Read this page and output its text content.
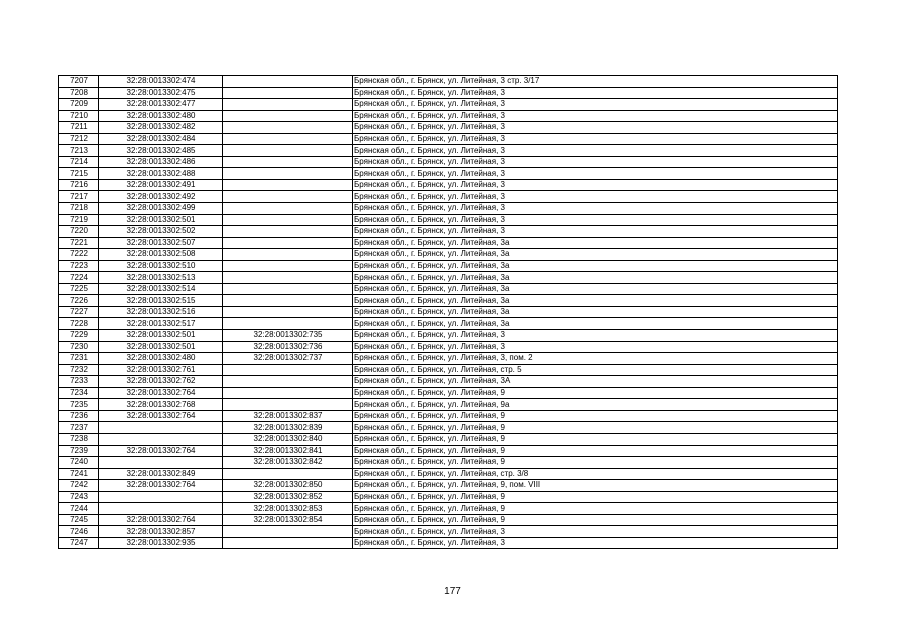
7207	32:28:0013302:474		Брянская обл., г. Брянск, ул. Литейная, 3 стр. 3/17
7208	32:28:0013302:475		Брянская обл., г. Брянск, ул. Литейная, 3
7209	32:28:0013302:477		Брянская обл., г. Брянск, ул. Литейная, 3
7210	32:28:0013302:480		Брянская обл., г. Брянск, ул. Литейная, 3
7211	32:28:0013302:482		Брянская обл., г. Брянск, ул. Литейная, 3
7212	32:28:0013302:484		Брянская обл., г. Брянск, ул. Литейная, 3
7213	32:28:0013302:485		Брянская обл., г. Брянск, ул. Литейная, 3
7214	32:28:0013302:486		Брянская обл., г. Брянск, ул. Литейная, 3
7215	32:28:0013302:488		Брянская обл., г. Брянск, ул. Литейная, 3
7216	32:28:0013302:491		Брянская обл., г. Брянск, ул. Литейная, 3
7217	32:28:0013302:492		Брянская обл., г. Брянск, ул. Литейная, 3
7218	32:28:0013302:499		Брянская обл., г. Брянск, ул. Литейная, 3
7219	32:28:0013302:501		Брянская обл., г. Брянск, ул. Литейная, 3
7220	32:28:0013302:502		Брянская обл., г. Брянск, ул. Литейная, 3
7221	32:28:0013302:507		Брянская обл., г. Брянск, ул. Литейная, 3а
7222	32:28:0013302:508		Брянская обл., г. Брянск, ул. Литейная, 3а
7223	32:28:0013302:510		Брянская обл., г. Брянск, ул. Литейная, 3а
7224	32:28:0013302:513		Брянская обл., г. Брянск, ул. Литейная, 3а
7225	32:28:0013302:514		Брянская обл., г. Брянск, ул. Литейная, 3а
7226	32:28:0013302:515		Брянская обл., г. Брянск, ул. Литейная, 3а
7227	32:28:0013302:516		Брянская обл., г. Брянск, ул. Литейная, 3а
7228	32:28:0013302:517		Брянская обл., г. Брянск, ул. Литейная, 3а
7229	32:28:0013302:501	32:28:0013302:735	Брянская обл., г. Брянск, ул. Литейная, 3
7230	32:28:0013302:501	32:28:0013302:736	Брянская обл., г. Брянск, ул. Литейная, 3
7231	32:28:0013302:480	32:28:0013302:737	Брянская обл., г. Брянск, ул. Литейная, 3, пом. 2
7232	32:28:0013302:761		Брянская обл., г. Брянск, ул. Литейная, стр. 5
7233	32:28:0013302:762		Брянская обл., г. Брянск, ул. Литейная, 3А
7234	32:28:0013302:764		Брянская обл., г. Брянск, ул. Литейная, 9
7235	32:28:0013302:768		Брянская обл., г. Брянск, ул. Литейная, 9а
7236	32:28:0013302:764	32:28:0013302:837	Брянская обл., г. Брянск, ул. Литейная, 9
7237		32:28:0013302:839	Брянская обл., г. Брянск, ул. Литейная, 9
7238		32:28:0013302:840	Брянская обл., г. Брянск, ул. Литейная, 9
7239	32:28:0013302:764	32:28:0013302:841	Брянская обл., г. Брянск, ул. Литейная, 9
7240		32:28:0013302:842	Брянская обл., г. Брянск, ул. Литейная, 9
7241	32:28:0013302:849		Брянская обл., г. Брянск, ул. Литейная, стр. 3/8
7242	32:28:0013302:764	32:28:0013302:850	Брянская обл., г. Брянск, ул. Литейная, 9, пом. VIII
7243		32:28:0013302:852	Брянская обл., г. Брянск, ул. Литейная, 9
7244		32:28:0013302:853	Брянская обл., г. Брянск, ул. Литейная, 9
7245	32:28:0013302:764	32:28:0013302:854	Брянская обл., г. Брянск, ул. Литейная, 9
7246	32:28:0013302:857		Брянская обл., г. Брянск, ул. Литейная, 3
7247	32:28:0013302:935		Брянская обл., г. Брянск, ул. Литейная, 3
177
